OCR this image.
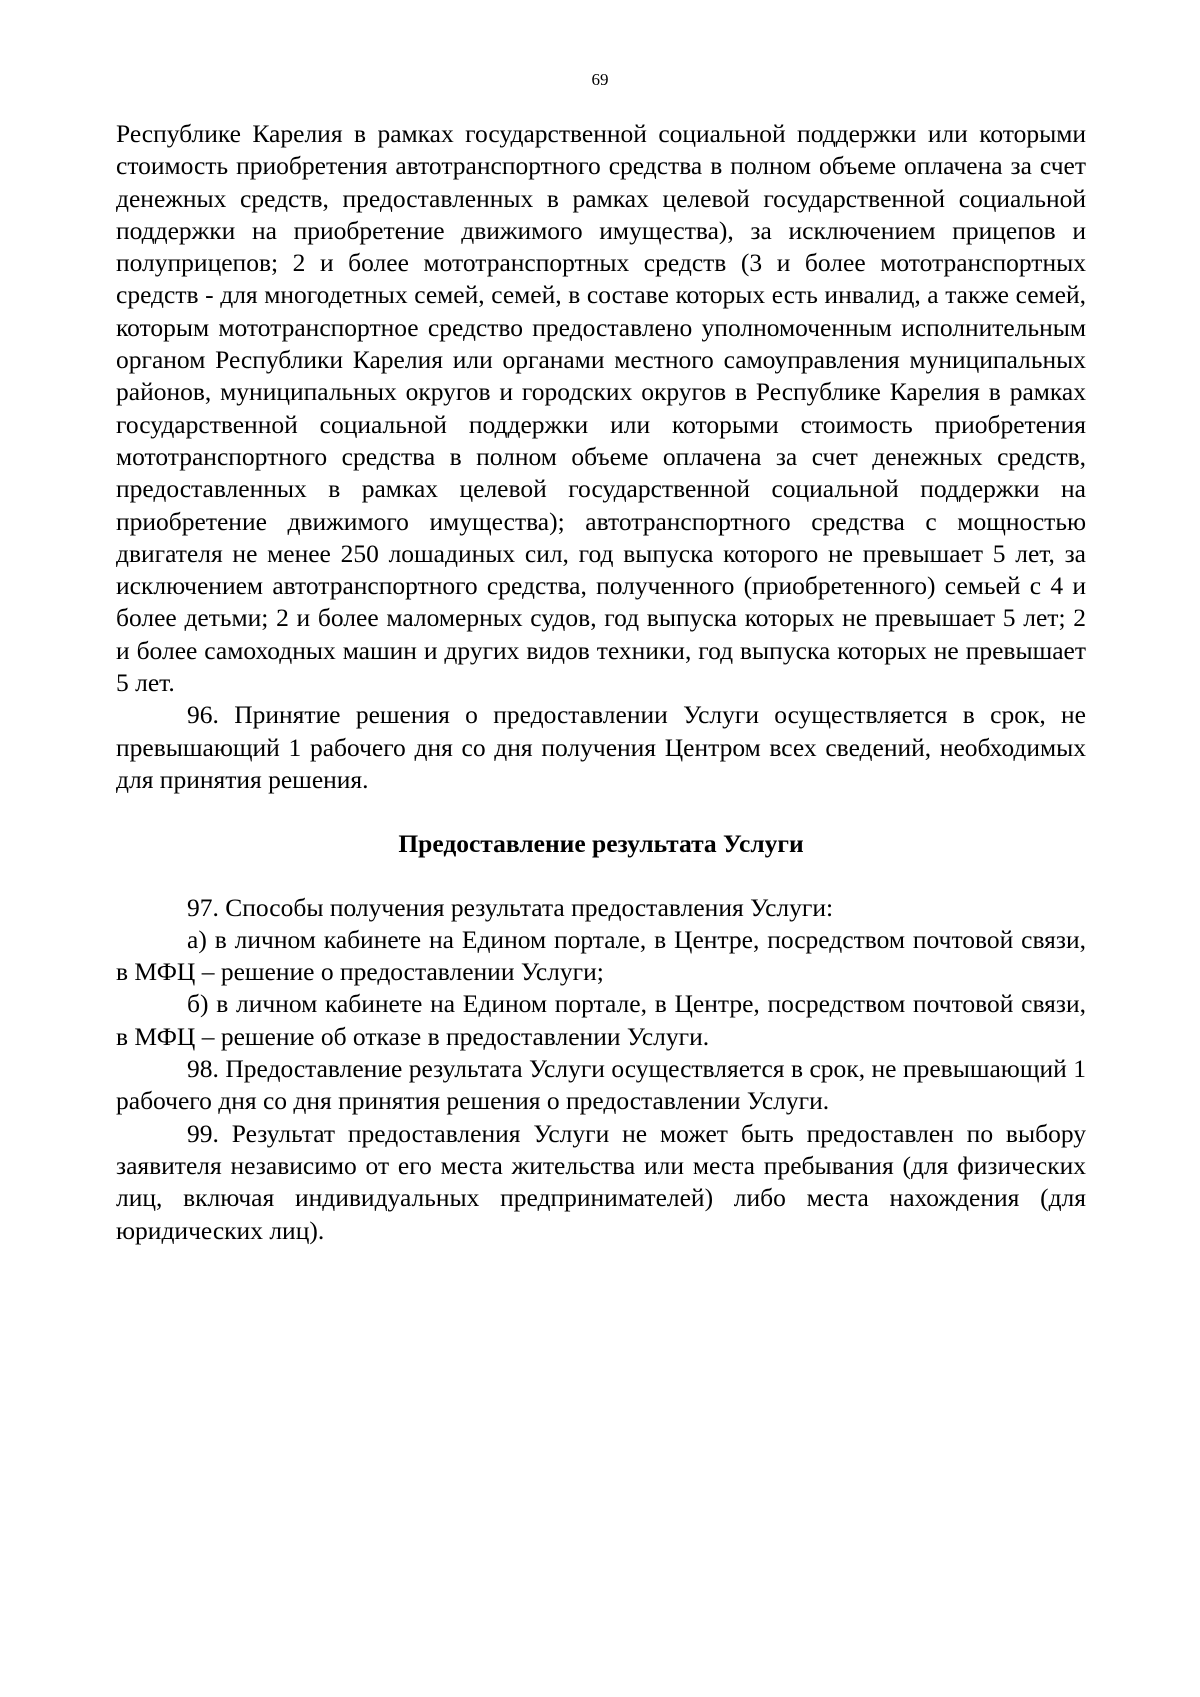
69

Республике Карелия в рамках государственной социальной поддержки или которыми стоимость приобретения автотранспортного средства в полном объеме оплачена за счет денежных средств, предоставленных в рамках целевой государственной социальной поддержки на приобретение движимого имущества), за исключением прицепов и полуприцепов; 2 и более мототранспортных средств (3 и более мототранспортных средств - для многодетных семей, семей, в составе которых есть инвалид, а также семей, которым мототранспортное средство предоставлено уполномоченным исполнительным органом Республики Карелия или органами местного самоуправления муниципальных районов, муниципальных округов и городских округов в Республике Карелия в рамках государственной социальной поддержки или которыми стоимость приобретения мототранспортного средства в полном объеме оплачена за счет денежных средств, предоставленных в рамках целевой государственной социальной поддержки на приобретение движимого имущества); автотранспортного средства с мощностью двигателя не менее 250 лошадиных сил, год выпуска которого не превышает 5 лет, за исключением автотранспортного средства, полученного (приобретенного) семьей с 4 и более детьми; 2 и более маломерных судов, год выпуска которых не превышает 5 лет; 2 и более самоходных машин и других видов техники, год выпуска которых не превышает 5 лет.

96. Принятие решения о предоставлении Услуги осуществляется в срок, не превышающий 1 рабочего дня со дня получения Центром всех сведений, необходимых для принятия решения.

Предоставление результата Услуги

97. Способы получения результата предоставления Услуги:

а) в личном кабинете на Едином портале, в Центре, посредством почтовой связи, в МФЦ – решение о предоставлении Услуги;

б) в личном кабинете на Едином портале, в Центре, посредством почтовой связи, в МФЦ – решение об отказе в предоставлении Услуги.

98. Предоставление результата Услуги осуществляется в срок, не превышающий 1 рабочего дня со дня принятия решения о предоставлении Услуги.

99. Результат предоставления Услуги не может быть предоставлен по выбору заявителя независимо от его места жительства или места пребывания (для физических лиц, включая индивидуальных предпринимателей) либо места нахождения (для юридических лиц).
